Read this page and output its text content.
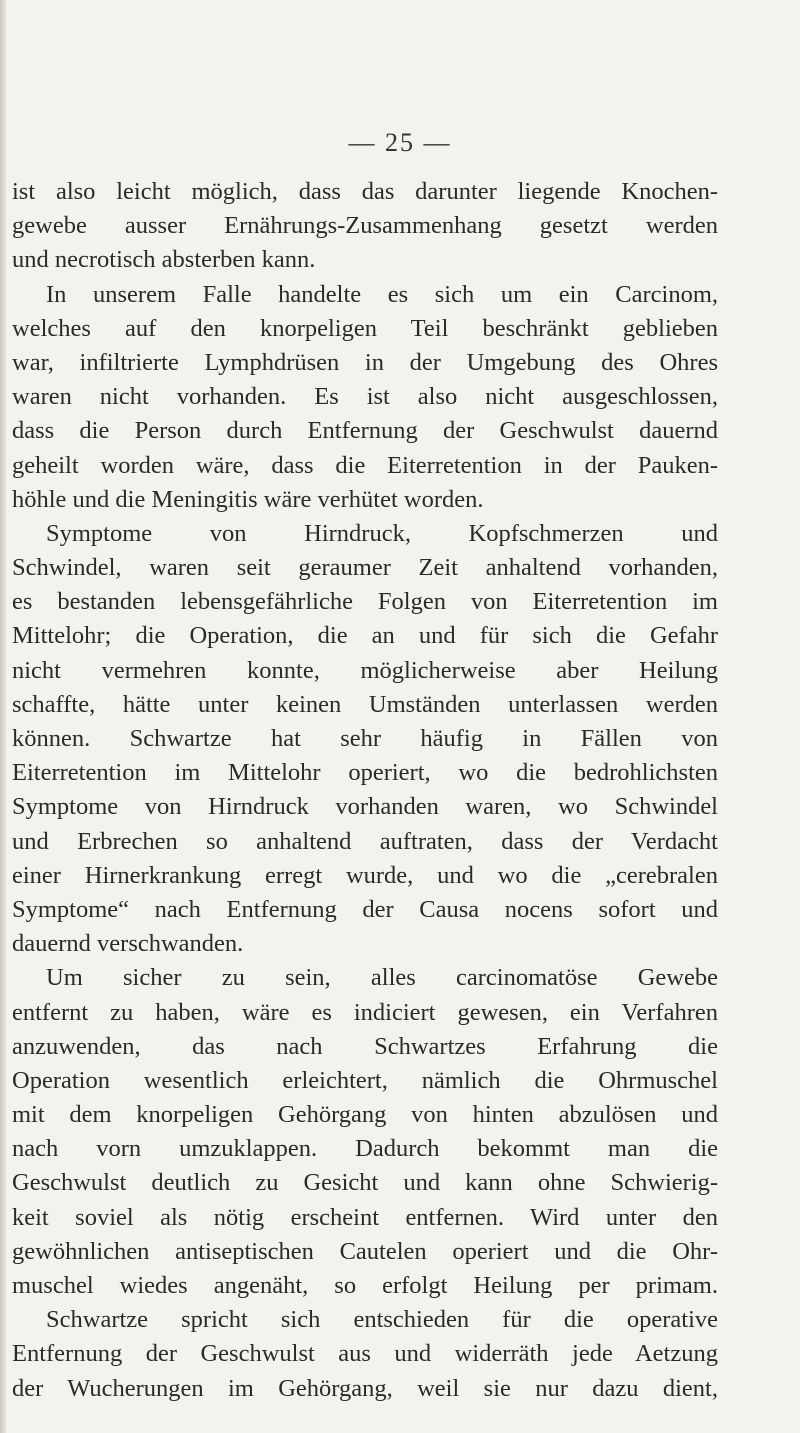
— 25 —
ist also leicht möglich, dass das darunter liegende Knochen-
gewebe ausser Ernährungs-Zusammenhang gesetzt werden
und necrotisch absterben kann.
In unserem Falle handelte es sich um ein Carcinom,
welches auf den knorpeligen Teil beschränkt geblieben
war, infiltrierte Lymphdrüsen in der Umgebung des Ohres
waren nicht vorhanden. Es ist also nicht ausgeschlossen,
dass die Person durch Entfernung der Geschwulst dauernd
geheilt worden wäre, dass die Eiterretention in der Pauken-
höhle und die Meningitis wäre verhütet worden.
Symptome von Hirndruck, Kopfschmerzen und
Schwindel, waren seit geraumer Zeit anhaltend vorhanden,
es bestanden lebensgefährliche Folgen von Eiterretention im
Mittelohr; die Operation, die an und für sich die Gefahr
nicht vermehren konnte, möglicherweise aber Heilung
schaffte, hätte unter keinen Umständen unterlassen werden
können. Schwartze hat sehr häufig in Fällen von
Eiterretention im Mittelohr operiert, wo die bedrohlichsten
Symptome von Hirndruck vorhanden waren, wo Schwindel
und Erbrechen so anhaltend auftraten, dass der Verdacht
einer Hirnerkrankung erregt wurde, und wo die „cerebralen
Symptome“ nach Entfernung der Causa nocens sofort und
dauernd verschwanden.
Um sicher zu sein, alles carcinomatöse Gewebe
entfernt zu haben, wäre es indiciert gewesen, ein Verfahren
anzuwenden, das nach Schwartzes Erfahrung die
Operation wesentlich erleichtert, nämlich die Ohrmuschel
mit dem knorpeligen Gehörgang von hinten abzulösen und
nach vorn umzuklappen. Dadurch bekommt man die
Geschwulst deutlich zu Gesicht und kann ohne Schwierig-
keit soviel als nötig erscheint entfernen. Wird unter den
gewöhnlichen antiseptischen Cautelen operiert und die Ohr-
muschel wiedes angenäht, so erfolgt Heilung per primam.
Schwartze spricht sich entschieden für die operative
Entfernung der Geschwulst aus und widerräth jede Aetzung
der Wucherungen im Gehörgang, weil sie nur dazu dient,
